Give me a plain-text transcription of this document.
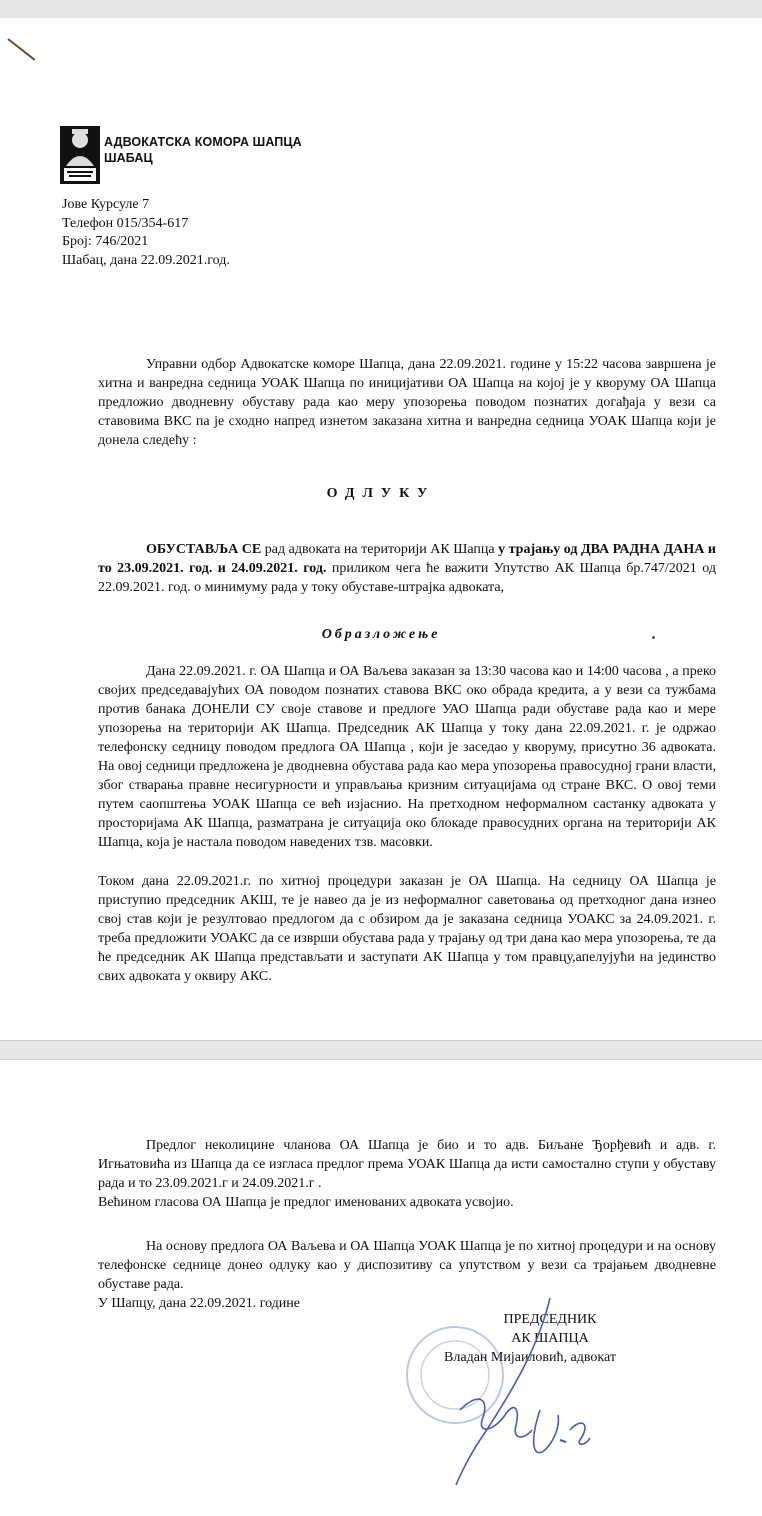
АДВОКАТСКА КОМОРА ШАПЦА
ШАБАЦ
Јове Курсуле 7
Телефон 015/354-617
Број: 746/2021
Шабац, дана 22.09.2021.год.
Управни одбор Адвокатске коморе Шапца, дана 22.09.2021. године у 15:22 часова завршена је хитна и ванредна седница УОАК Шапца по иницијативи ОА Шапца на којој је у кворуму ОА Шапца предложио дводневну обуставу рада као меру упозорења поводом познатих догађаја у вези са ставовима ВКС па је сходно напред изнетом заказана хитна и ванредна седница УОАК Шапца који је донела следећу :
ОДЛУКУ
ОБУСТАВЉА СЕ рад адвоката на територији АК Шапца у трајању од ДВА РАДНА ДАНА и то 23.09.2021. год. и 24.09.2021. год. приликом чега ће важити Упутство АК Шапца бр.747/2021 од 22.09.2021. год. о минимуму рада у току обуставе-штрајка адвоката,
Образложење
Дана 22.09.2021. г. ОА Шапца и ОА Ваљева заказан за 13:30 часова као и 14:00 часова , а преко својих председавајућих ОА поводом познатих ставова ВКС око обрада кредита, а у вези са тужбама против банака ДОНЕЛИ СУ своје ставове и предлоге УАО Шапца ради обуставе рада као и мере упозорења на територији АК Шапца. Председник АК Шапца у току дана 22.09.2021. г. је одржао телефонску седницу поводом предлога ОА Шапца , који је заседао у кворуму, присутно 36 адвоката. На овој седници предложена је дводневна обустава рада као мера упозорења правосудној грани власти, због стварања правне несигурности и управљања кризним ситуацијама од стране ВКС. О овој теми путем саопштења УОАК Шапца се већ изјаснио. На претходном неформалном састанку адвоката у просторијама АК Шапца, разматрана је ситуација око блокаде правосудних органа на територији АК Шапца, која је настала поводом наведених тзв. масовки.
Током дана 22.09.2021.г. по хитној процедури заказан је ОА Шапца. На седницу ОА Шапца је приступио председник АКШ, те је навео да је из неформалног саветовања од претходног дана изнео свој став који је резултовао предлогом да с обзиром да је заказана седница УОАКС за 24.09.2021. г. треба предложити УОАКС да се изврши обустава рада у трајању од три дана као мера упозорења, те да ће председник АК Шапца представљати и заступати АК Шапца у том правцу,апелујући на јединство свих адвоката у оквиру АКС.
Предлог неколицине чланова ОА Шапца је био и то адв. Биљане Ђорђевић и адв. г. Игњатовића из Шапца да се изгласа предлог према УОАК Шапца да исти самостално ступи у обуставу рада и то 23.09.2021.г и 24.09.2021.г .
Већином гласова ОА Шапца је предлог именованих адвоката усвојио.
На основу предлога ОА Ваљева и ОА Шапца УОАК Шапца је по хитној процедури и на основу телефонске седнице донео одлуку као у диспозитиву са упутством у вези са трајањем дводневне обуставе рада.
У Шапцу, дана 22.09.2021. године
ПРЕДСЕДНИК
АК ШАПЦА
Владан Мијаиловић, адвокат
